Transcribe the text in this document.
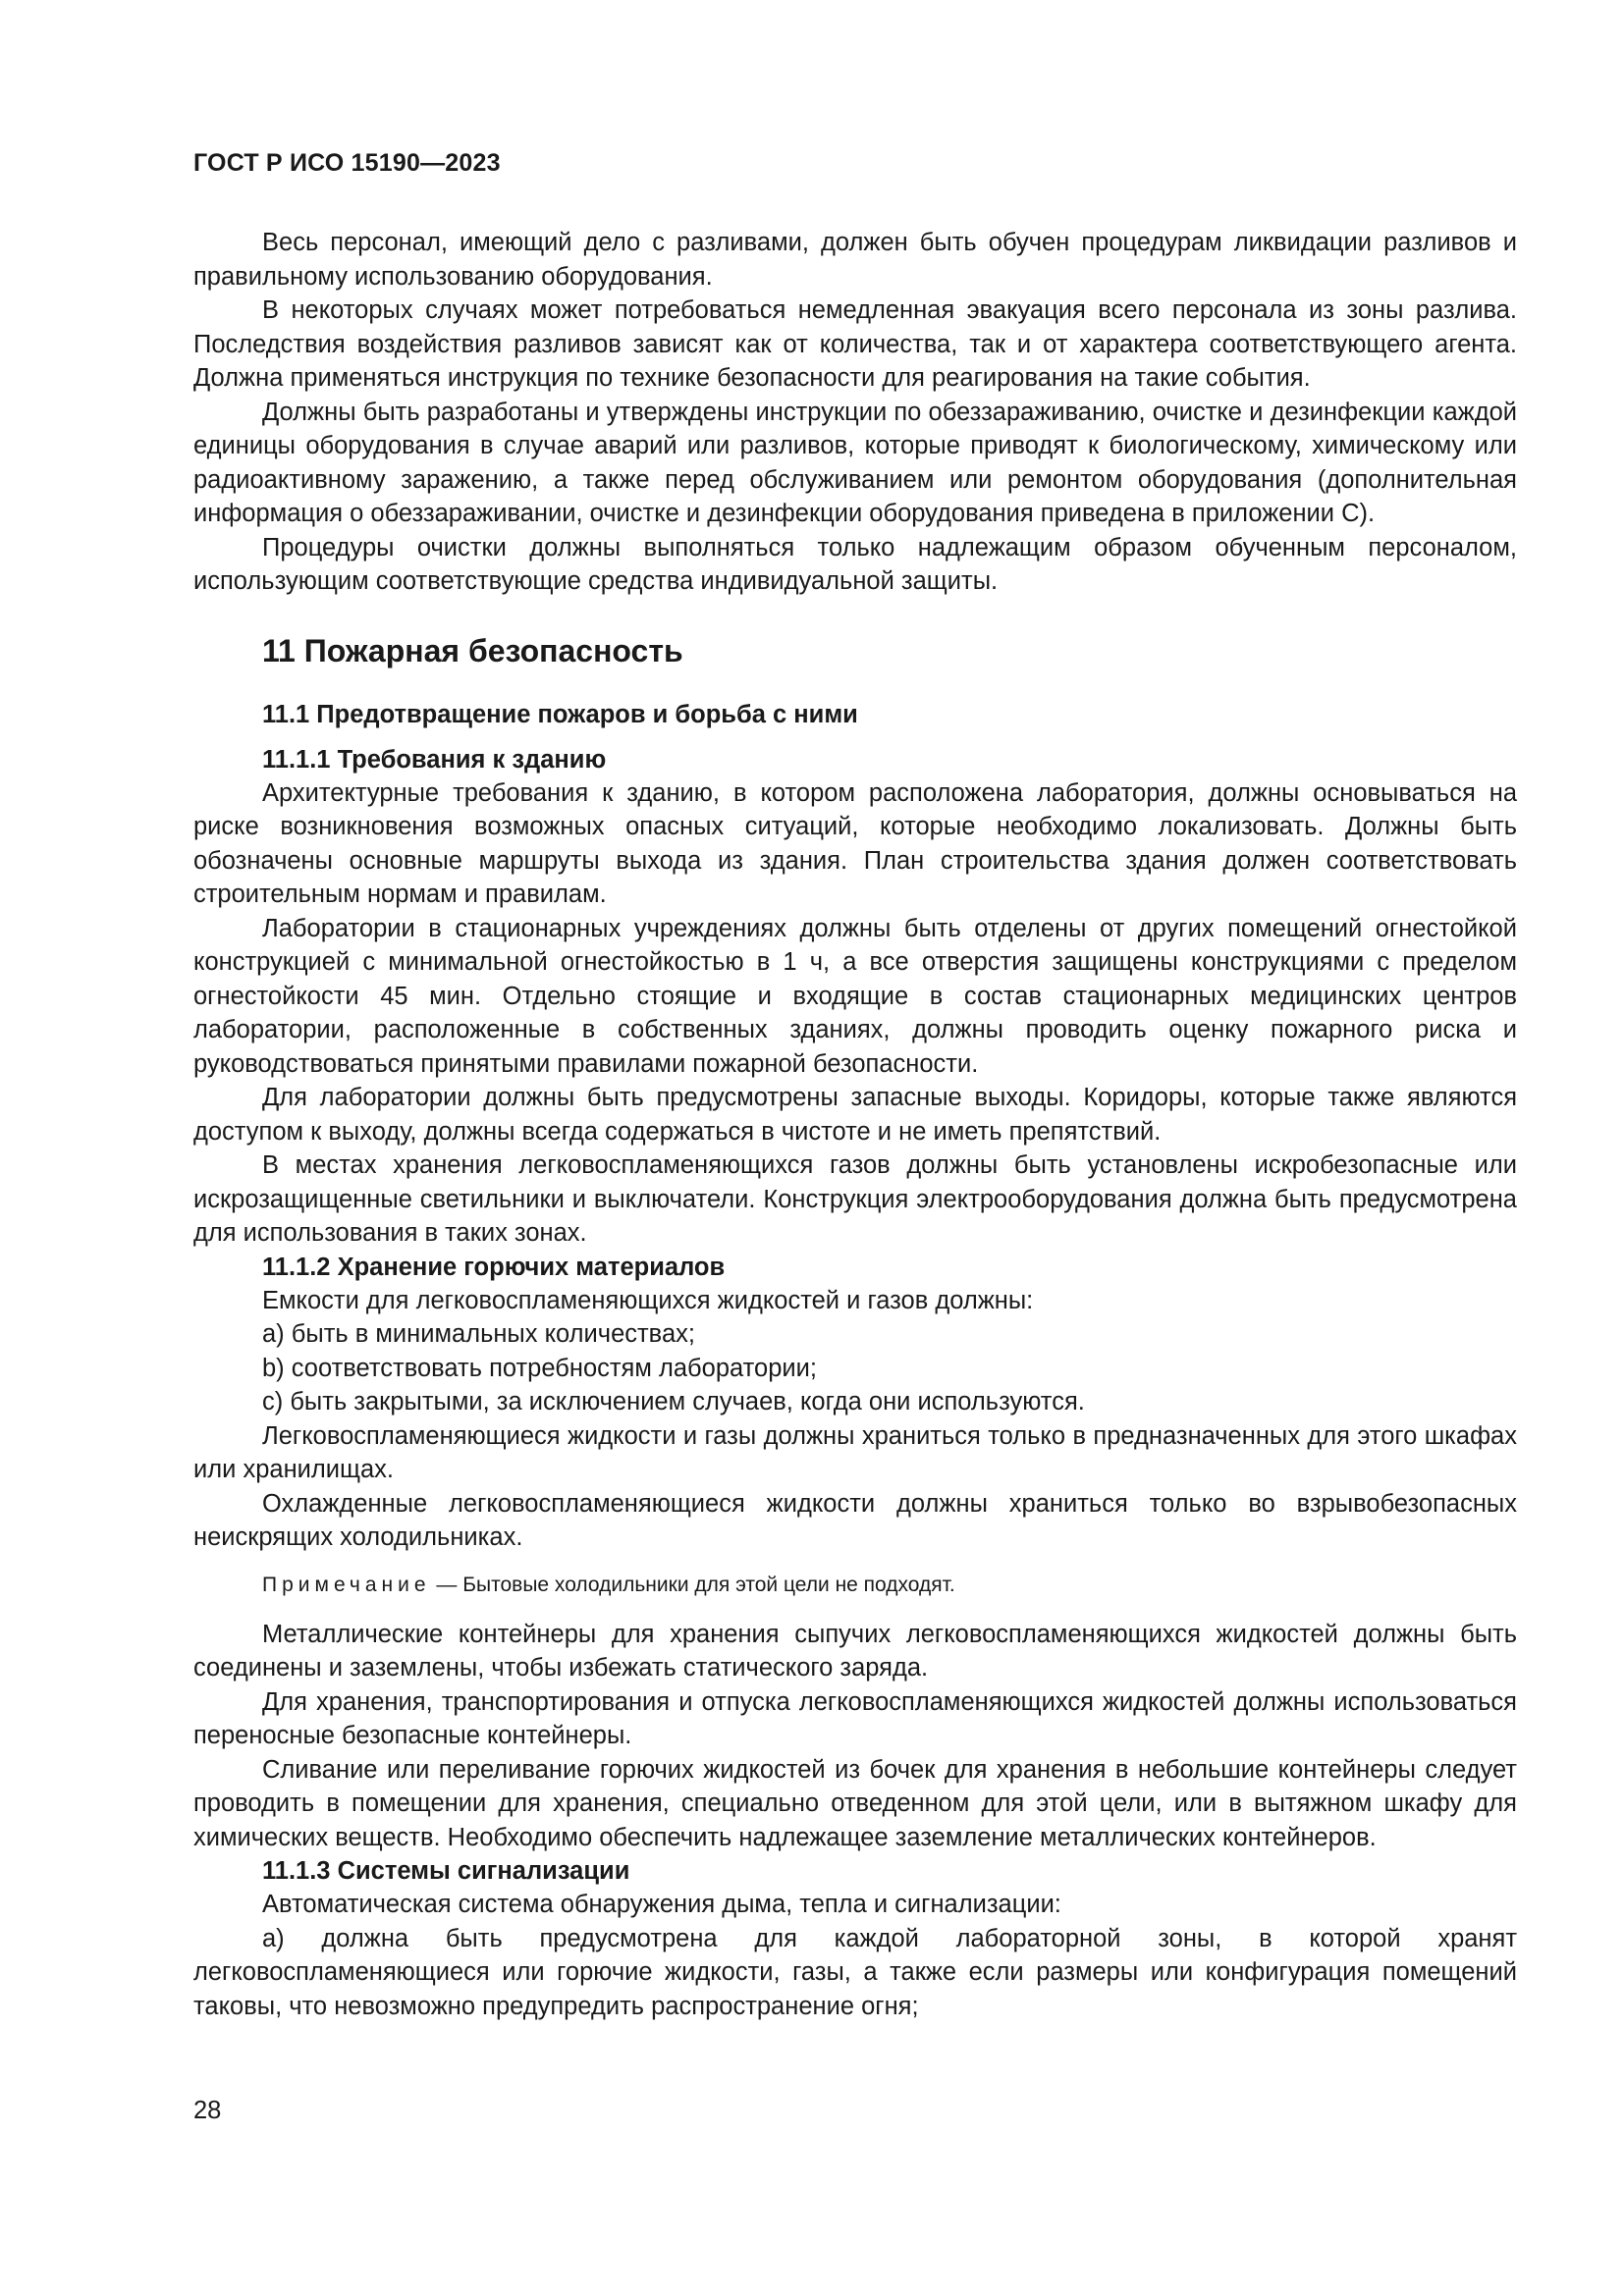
ГОСТ Р ИСО 15190—2023

Весь персонал, имеющий дело с разливами, должен быть обучен процедурам ликвидации разливов и правильному использованию оборудования.

В некоторых случаях может потребоваться немедленная эвакуация всего персонала из зоны разлива. Последствия воздействия разливов зависят как от количества, так и от характера соответствующего агента. Должна применяться инструкция по технике безопасности для реагирования на такие события.

Должны быть разработаны и утверждены инструкции по обеззараживанию, очистке и дезинфекции каждой единицы оборудования в случае аварий или разливов, которые приводят к биологическому, химическому или радиоактивному заражению, а также перед обслуживанием или ремонтом оборудования (дополнительная информация о обеззараживании, очистке и дезинфекции оборудования приведена в приложении С).

Процедуры очистки должны выполняться только надлежащим образом обученным персоналом, использующим соответствующие средства индивидуальной защиты.

11 Пожарная безопасность
11.1 Предотвращение пожаров и борьба с ними
11.1.1 Требования к зданию

Архитектурные требования к зданию, в котором расположена лаборатория, должны основываться на риске возникновения возможных опасных ситуаций, которые необходимо локализовать. Должны быть обозначены основные маршруты выхода из здания. План строительства здания должен соответствовать строительным нормам и правилам.

Лаборатории в стационарных учреждениях должны быть отделены от других помещений огнестойкой конструкцией с минимальной огнестойкостью в 1 ч, а все отверстия защищены конструкциями с пределом огнестойкости 45 мин. Отдельно стоящие и входящие в состав стационарных медицинских центров лаборатории, расположенные в собственных зданиях, должны проводить оценку пожарного риска и руководствоваться принятыми правилами пожарной безопасности.

Для лаборатории должны быть предусмотрены запасные выходы. Коридоры, которые также являются доступом к выходу, должны всегда содержаться в чистоте и не иметь препятствий.

В местах хранения легковоспламеняющихся газов должны быть установлены искробезопасные или искрозащищенные светильники и выключатели. Конструкция электрооборудования должна быть предусмотрена для использования в таких зонах.

11.1.2 Хранение горючих материалов

Емкости для легковоспламеняющихся жидкостей и газов должны:

a) быть в минимальных количествах;

b) соответствовать потребностям лаборатории;

c) быть закрытыми, за исключением случаев, когда они используются.

Легковоспламеняющиеся жидкости и газы должны храниться только в предназначенных для этого шкафах или хранилищах.

Охлажденные легковоспламеняющиеся жидкости должны храниться только во взрывобезопасных неискрящих холодильниках.

Примечание — Бытовые холодильники для этой цели не подходят.

Металлические контейнеры для хранения сыпучих легковоспламеняющихся жидкостей должны быть соединены и заземлены, чтобы избежать статического заряда.

Для хранения, транспортирования и отпуска легковоспламеняющихся жидкостей должны использоваться переносные безопасные контейнеры.

Сливание или переливание горючих жидкостей из бочек для хранения в небольшие контейнеры следует проводить в помещении для хранения, специально отведенном для этой цели, или в вытяжном шкафу для химических веществ. Необходимо обеспечить надлежащее заземление металлических контейнеров.

11.1.3 Системы сигнализации

Автоматическая система обнаружения дыма, тепла и сигнализации:

a) должна быть предусмотрена для каждой лабораторной зоны, в которой хранят легковоспламеняющиеся или горючие жидкости, газы, а также если размеры или конфигурация помещений таковы, что невозможно предупредить распространение огня;

28
